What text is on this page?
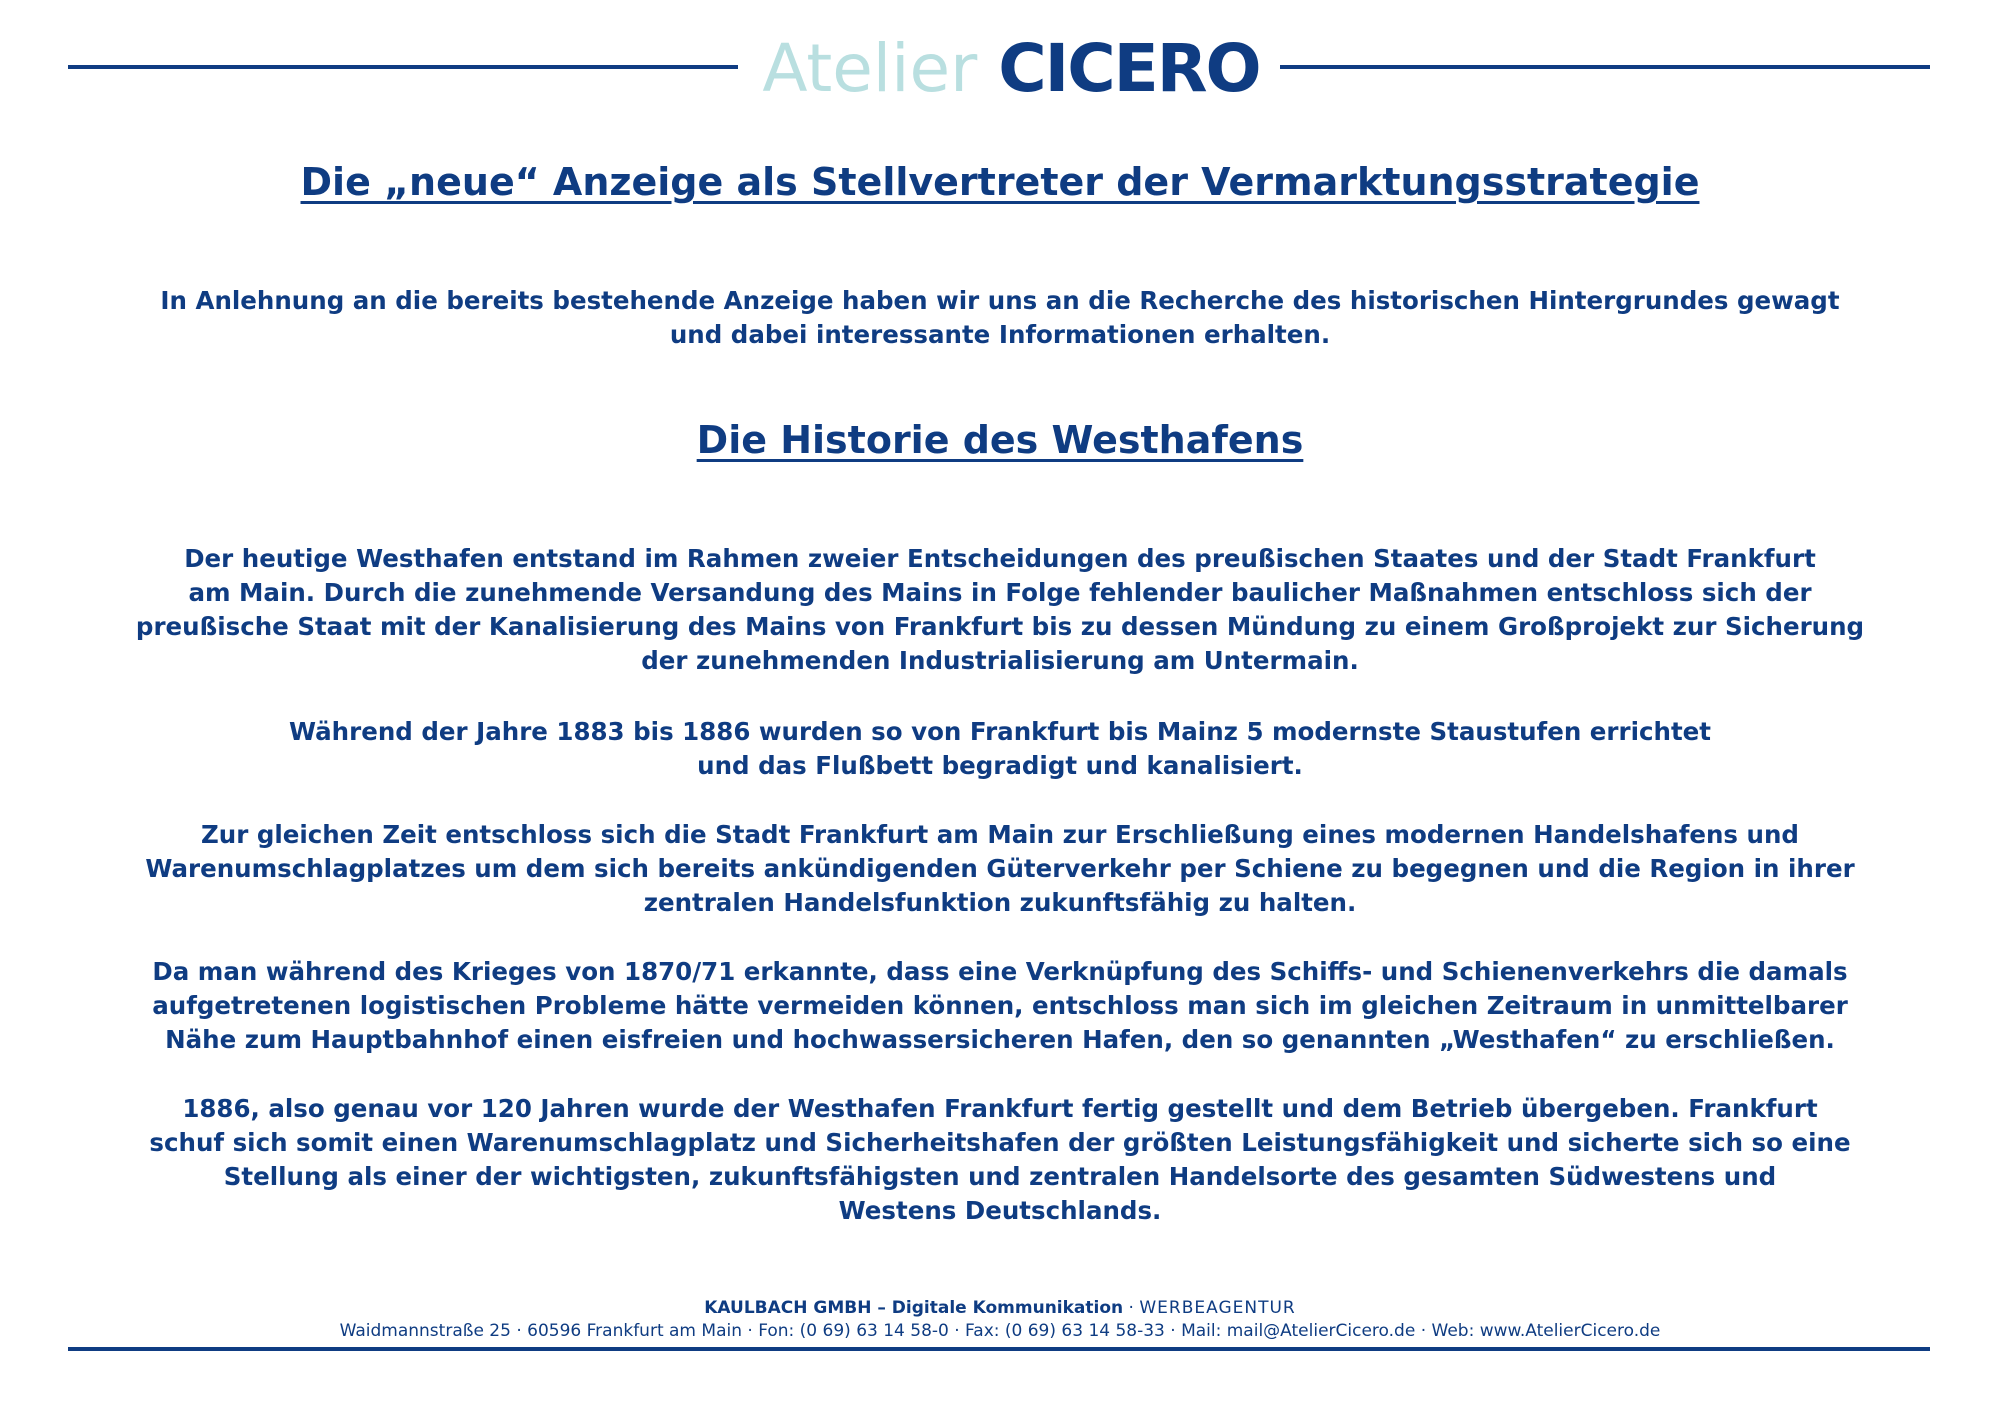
Atelier CICERO
Die „neue“ Anzeige als Stellvertreter der Vermarktungsstrategie

In Anlehnung an die bereits bestehende Anzeige haben wir uns an die Recherche des historischen Hintergrundes gewagt
und dabei interessante Informationen erhalten.

Die Historie des Westhafens

Der heutige Westhafen entstand im Rahmen zweier Entscheidungen des preußischen Staates und der Stadt Frankfurt
am Main. Durch die zunehmende Versandung des Mains in Folge fehlender baulicher Maßnahmen entschloss sich der
preußische Staat mit der Kanalisierung des Mains von Frankfurt bis zu dessen Mündung zu einem Großprojekt zur Sicherung
der zunehmenden Industrialisierung am Untermain.

Während der Jahre 1883 bis 1886 wurden so von Frankfurt bis Mainz 5 modernste Staustufen errichtet
und das Flußbett begradigt und kanalisiert.

Zur gleichen Zeit entschloss sich die Stadt Frankfurt am Main zur Erschließung eines modernen Handelshafens und
Warenumschlagplatzes um dem sich bereits ankündigenden Güterverkehr per Schiene zu begegnen und die Region in ihrer
zentralen Handelsfunktion zukunftsfähig zu halten.

Da man während des Krieges von 1870/71 erkannte, dass eine Verknüpfung des Schiffs- und Schienenverkehrs die damals
aufgetretenen logistischen Probleme hätte vermeiden können, entschloss man sich im gleichen Zeitraum in unmittelbarer
Nähe zum Hauptbahnhof einen eisfreien und hochwassersicheren Hafen, den so genannten „Westhafen“ zu erschließen.

1886, also genau vor 120 Jahren wurde der Westhafen Frankfurt fertig gestellt und dem Betrieb übergeben. Frankfurt
schuf sich somit einen Warenumschlagplatz und Sicherheitshafen der größten Leistungsfähigkeit und sicherte sich so eine
Stellung als einer der wichtigsten, zukunftsfähigsten und zentralen Handelsorte des gesamten Südwestens und
Westens Deutschlands.

KAULBACH GMBH – Digitale Kommunikation · WERBEAGENTUR
Waidmannstraße 25 · 60596 Frankfurt am Main · Fon: (0 69) 63 14 58-0 · Fax: (0 69) 63 14 58-33 · Mail: mail@AtelierCicero.de · Web: www.AtelierCicero.de
